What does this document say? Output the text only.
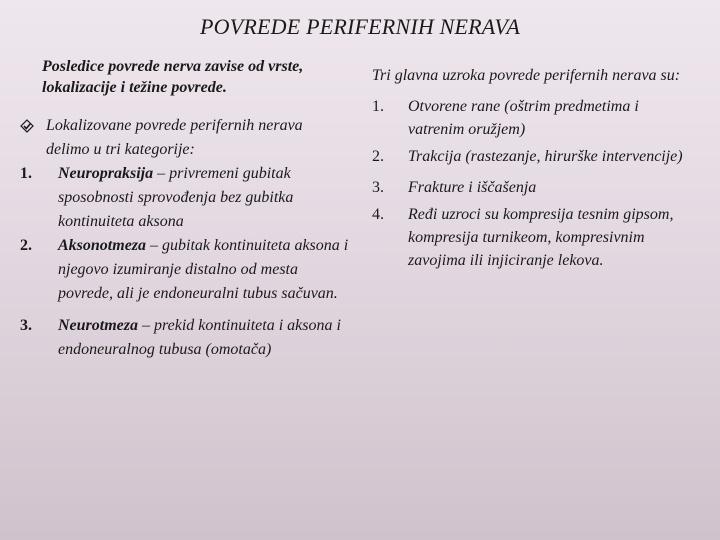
POVREDE PERIFERNIH NERAVA
Posledice povrede nerva zavise od vrste, lokalizacije i težine povrede.
Lokalizovane povrede perifernih nerava delimo u tri kategorije:
1.	Neuropraksija – privremeni gubitak sposobnosti sprovođenja bez gubitka kontinuiteta aksona
2.	Aksonotmeza – gubitak kontinuiteta aksona i njegovo izumiranje distalno od mesta povrede, ali je endoneuralni tubus sačuvan.
3.	Neurotmeza – prekid kontinuiteta i aksona i endoneuralnog tubusa (omotača)
Tri glavna uzroka povrede perifernih nerava su:
1.	Otvorene rane (oštrim predmetima i vatrenim oružjem)
2.	Trakcija (rastezanje, hirurške intervencije)
3.	Frakture i iščašenja
4.	Ređi uzroci su kompresija tesnim gipsom, kompresija turnikeom, kompresivnim zavojima ili injiciranje lekova.
